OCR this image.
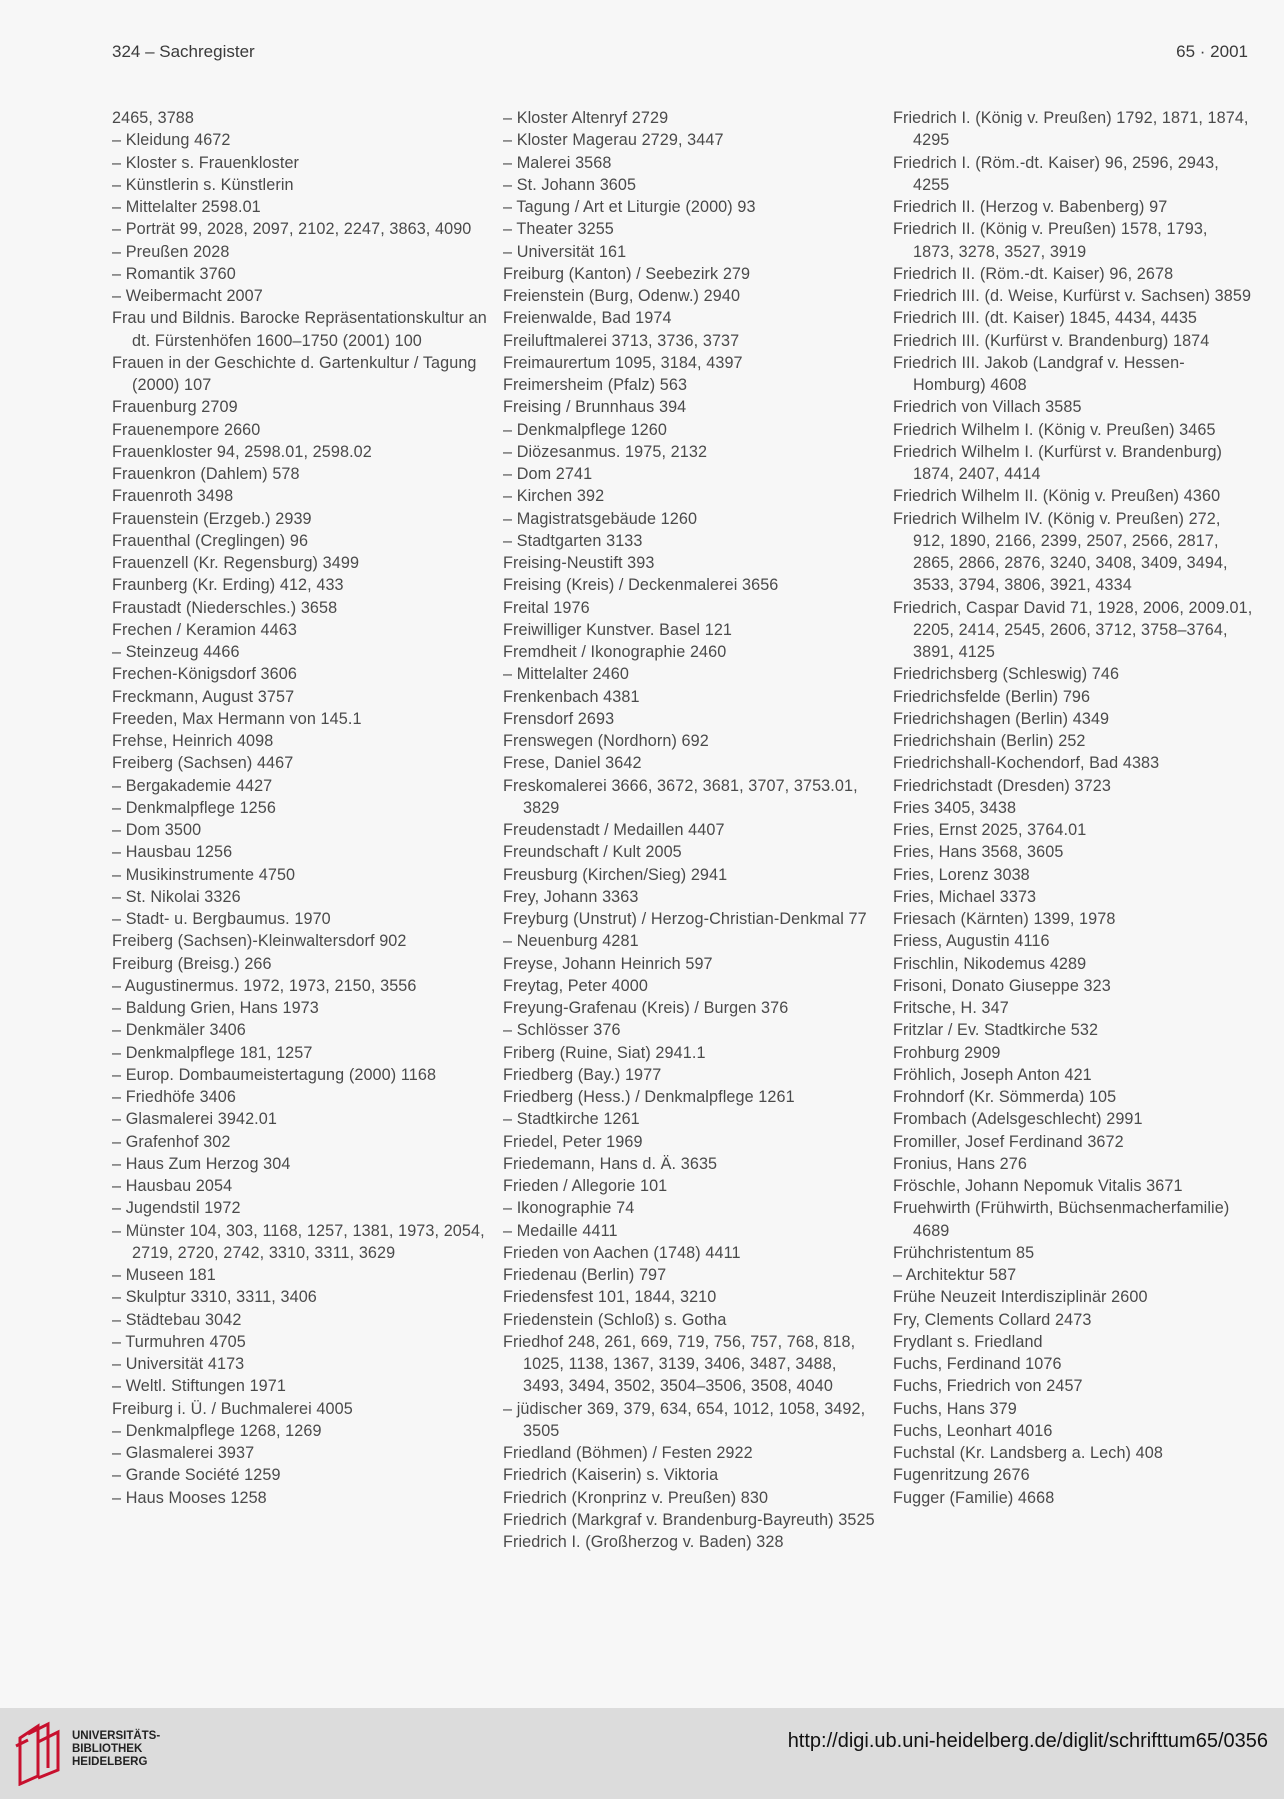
324 – Sachregister	65 · 2001
2465, 3788
– Kleidung 4672
– Kloster s. Frauenkloster
– Künstlerin s. Künstlerin
– Mittelalter 2598.01
– Porträt 99, 2028, 2097, 2102, 2247, 3863, 4090
– Preußen 2028
– Romantik 3760
– Weibermacht 2007
Frau und Bildnis. Barocke Repräsentationskultur an dt. Fürstenhöfen 1600–1750 (2001) 100
Frauen in der Geschichte d. Gartenkultur / Tagung (2000) 107
Frauenburg 2709
Frauenempore 2660
Frauenkloster 94, 2598.01, 2598.02
Frauenkron (Dahlem) 578
Frauenroth 3498
Frauenstein (Erzgeb.) 2939
Frauenthal (Creglingen) 96
Frauenzell (Kr. Regensburg) 3499
Fraunberg (Kr. Erding) 412, 433
Fraustadt (Niederschles.) 3658
Frechen / Keramion 4463
– Steinzeug 4466
Frechen-Königsdorf 3606
Freckmann, August 3757
Freeden, Max Hermann von 145.1
Frehse, Heinrich 4098
Freiberg (Sachsen) 4467
– Bergakademie 4427
– Denkmalpflege 1256
– Dom 3500
– Hausbau 1256
– Musikinstrumente 4750
– St. Nikolai 3326
– Stadt- u. Bergbaumus. 1970
Freiberg (Sachsen)-Kleinwaltersdorf 902
Freiburg (Breisg.) 266
– Augustinermus. 1972, 1973, 2150, 3556
– Baldung Grien, Hans 1973
– Denkmäler 3406
– Denkmalpflege 181, 1257
– Europ. Dombaumeistertagung (2000) 1168
– Friedhöfe 3406
– Glasmalerei 3942.01
– Grafenhof 302
– Haus Zum Herzog 304
– Hausbau 2054
– Jugendstil 1972
– Münster 104, 303, 1168, 1257, 1381, 1973, 2054, 2719, 2720, 2742, 3310, 3311, 3629
– Museen 181
– Skulptur 3310, 3311, 3406
– Städtebau 3042
– Turmuhren 4705
– Universität 4173
– Weltl. Stiftungen 1971
Freiburg i. Ü. / Buchmalerei 4005
– Denkmalpflege 1268, 1269
– Glasmalerei 3937
– Grande Société 1259
– Haus Mooses 1258
– Kloster Altenryf 2729
– Kloster Magerau 2729, 3447
– Malerei 3568
– St. Johann 3605
– Tagung / Art et Liturgie (2000) 93
– Theater 3255
– Universität 161
Freiburg (Kanton) / Seebezirk 279
Freienstein (Burg, Odenw.) 2940
Freienwalde, Bad 1974
Freiluftmalerei 3713, 3736, 3737
Freimaurertum 1095, 3184, 4397
Freimersheim (Pfalz) 563
Freising / Brunnhaus 394
– Denkmalpflege 1260
– Diözesanmus. 1975, 2132
– Dom 2741
– Kirchen 392
– Magistratsgebäude 1260
– Stadtgarten 3133
Freising-Neustift 393
Freising (Kreis) / Deckenmalerei 3656
Freital 1976
Freiwilliger Kunstver. Basel 121
Fremdheit / Ikonographie 2460
– Mittelalter 2460
Frenkenbach 4381
Frensdorf 2693
Frenswegen (Nordhorn) 692
Frese, Daniel 3642
Freskomalerei 3666, 3672, 3681, 3707, 3753.01, 3829
Freudenstadt / Medaillen 4407
Freundschaft / Kult 2005
Freusburg (Kirchen/Sieg) 2941
Frey, Johann 3363
Freyburg (Unstrut) / Herzog-Christian-Denkmal 77
– Neuenburg 4281
Freyse, Johann Heinrich 597
Freytag, Peter 4000
Freyung-Grafenau (Kreis) / Burgen 376
– Schlösser 376
Friberg (Ruine, Siat) 2941.1
Friedberg (Bay.) 1977
Friedberg (Hess.) / Denkmalpflege 1261
– Stadtkirche 1261
Friedel, Peter 1969
Friedemann, Hans d. Ä. 3635
Frieden / Allegorie 101
– Ikonographie 74
– Medaille 4411
Frieden von Aachen (1748) 4411
Friedenau (Berlin) 797
Friedensfest 101, 1844, 3210
Friedenstein (Schloß) s. Gotha
Friedhof 248, 261, 669, 719, 756, 757, 768, 818, 1025, 1138, 1367, 3139, 3406, 3487, 3488, 3493, 3494, 3502, 3504–3506, 3508, 4040
– jüdischer 369, 379, 634, 654, 1012, 1058, 3492, 3505
Friedland (Böhmen) / Festen 2922
Friedrich (Kaiserin) s. Viktoria
Friedrich (Kronprinz v. Preußen) 830
Friedrich (Markgraf v. Brandenburg-Bayreuth) 3525
Friedrich I. (Großherzog v. Baden) 328
Friedrich I. (König v. Preußen) 1792, 1871, 1874, 4295
Friedrich I. (Röm.-dt. Kaiser) 96, 2596, 2943, 4255
Friedrich II. (Herzog v. Babenberg) 97
Friedrich II. (König v. Preußen) 1578, 1793, 1873, 3278, 3527, 3919
Friedrich II. (Röm.-dt. Kaiser) 96, 2678
Friedrich III. (d. Weise, Kurfürst v. Sachsen) 3859
Friedrich III. (dt. Kaiser) 1845, 4434, 4435
Friedrich III. (Kurfürst v. Brandenburg) 1874
Friedrich III. Jakob (Landgraf v. Hessen-Homburg) 4608
Friedrich von Villach 3585
Friedrich Wilhelm I. (König v. Preußen) 3465
Friedrich Wilhelm I. (Kurfürst v. Brandenburg) 1874, 2407, 4414
Friedrich Wilhelm II. (König v. Preußen) 4360
Friedrich Wilhelm IV. (König v. Preußen) 272, 912, 1890, 2166, 2399, 2507, 2566, 2817, 2865, 2866, 2876, 3240, 3408, 3409, 3494, 3533, 3794, 3806, 3921, 4334
Friedrich, Caspar David 71, 1928, 2006, 2009.01, 2205, 2414, 2545, 2606, 3712, 3758–3764, 3891, 4125
Friedrichsberg (Schleswig) 746
Friedrichsfelde (Berlin) 796
Friedrichshagen (Berlin) 4349
Friedrichshain (Berlin) 252
Friedrichshall-Kochendorf, Bad 4383
Friedrichstadt (Dresden) 3723
Fries 3405, 3438
Fries, Ernst 2025, 3764.01
Fries, Hans 3568, 3605
Fries, Lorenz 3038
Fries, Michael 3373
Friesach (Kärnten) 1399, 1978
Friess, Augustin 4116
Frischlin, Nikodemus 4289
Frisoni, Donato Giuseppe 323
Fritsche, H. 347
Fritzlar / Ev. Stadtkirche 532
Frohburg 2909
Fröhlich, Joseph Anton 421
Frohndorf (Kr. Sömmerda) 105
Frombach (Adelsgeschlecht) 2991
Fromiller, Josef Ferdinand 3672
Fronius, Hans 276
Fröschle, Johann Nepomuk Vitalis 3671
Fruehwirth (Frühwirth, Büchsenmacherfamilie) 4689
Frühchristentum 85
– Architektur 587
Frühe Neuzeit Interdisziplinär 2600
Fry, Clements Collard 2473
Frydlant s. Friedland
Fuchs, Ferdinand 1076
Fuchs, Friedrich von 2457
Fuchs, Hans 379
Fuchs, Leonhart 4016
Fuchstal (Kr. Landsberg a. Lech) 408
Fugenritzung 2676
Fugger (Familie) 4668
UNIVERSITÄTS-
BIBLIOTHEK
HEIDELBERG
http://digi.ub.uni-heidelberg.de/diglit/schrifttum65/0356
